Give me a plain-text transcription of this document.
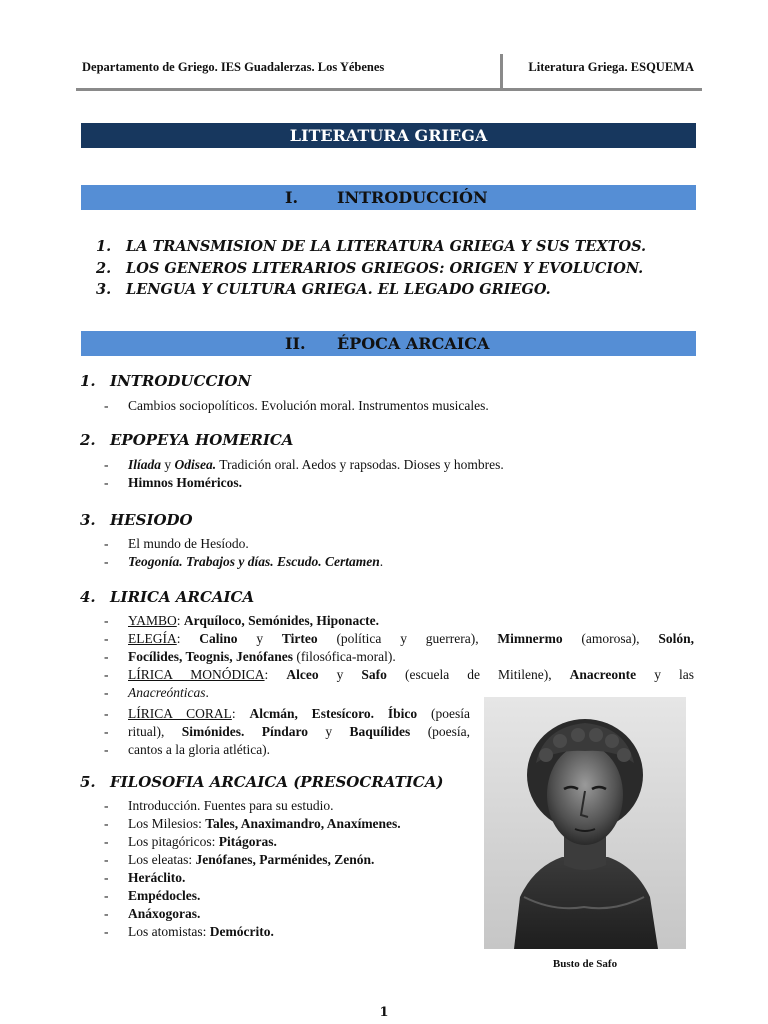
Departamento de Griego. IES Guadalerzas. Los Yébenes	Literatura Griega. ESQUEMA
LITERATURA GRIEGA
I. INTRODUCCIÓN
1. LA TRANSMISION DE LA LITERATURA GRIEGA Y SUS TEXTOS.
2. LOS GENEROS LITERARIOS GRIEGOS: ORIGEN Y EVOLUCION.
3. LENGUA Y CULTURA GRIEGA. EL LEGADO GRIEGO.
II. ÉPOCA ARCAICA
1. INTRODUCCION
- Cambios sociopolíticos. Evolución moral. Instrumentos musicales.
2. EPOPEYA HOMERICA
- Ilíada y Odisea. Tradición oral. Aedos y rapsodas. Dioses y hombres.
- Himnos Homéricos.
3. HESIODO
- El mundo de Hesíodo.
- Teogonía. Trabajos y días. Escudo. Certamen.
4. LIRICA ARCAICA
- YAMBO: Arquíloco, Semónides, Hiponacte.
- ELEGÍA: Calino y Tirteo (política y guerrera), Mimnermo (amorosa), Solón,
- Focílides, Teognis, Jenófanes (filosófica-moral).
- LÍRICA MONÓDICA: Alceo y Safo (escuela de Mitilene), Anacreonte y las
- Anacreónticas.
- LÍRICA CORAL: Alcmán, Estesícoro. Íbico (poesía
- ritual), Simónides. Píndaro y Baquílides (poesía,
- cantos a la gloria atlética).
5. FILOSOFIA ARCAICA (PRESOCRATICA)
- Introducción. Fuentes para su estudio.
- Los Milesios: Tales, Anaximandro, Anaxímenes.
- Los pitagóricos: Pitágoras.
- Los eleatas: Jenófanes, Parménides, Zenón.
- Heráclito.
- Empédocles.
- Anáxogoras.
- Los atomistas: Demócrito.
Busto de Safo
1
